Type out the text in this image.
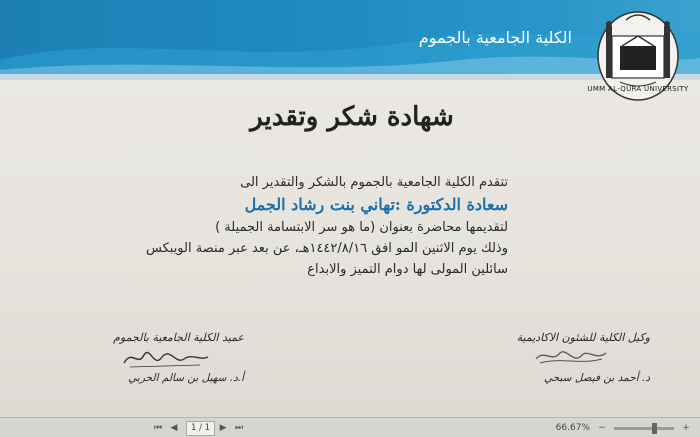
الكلية الجامعية بالجموم
UMM AL-QURA UNIVERSITY
شهادة شكر وتقدير
تتقدم الكلية الجامعية بالجموم بالشكر والتقدير الى
سعادة الدكتورة :تهاني بنت رشاد الجمل
لتقديمها محاضرة بعنوان (ما هو سر الابتسامة الجميلة )
وذلك يوم الاثنين المو افق ١٤٤٢/٨/١٦هـ، عن بعد عبر منصة الويبكس
سائلين المولى لها دوام التميز والابداع
عميد الكلية الجامعية بالجموم
أ.د. سهيل بن سالم الحربي
وكيل الكلية للشئون الاكاديمية
د. أحمد بن فيصل سبحي
⏮ ◀	1 / 1	▶ ⏭	66.67% −	+
